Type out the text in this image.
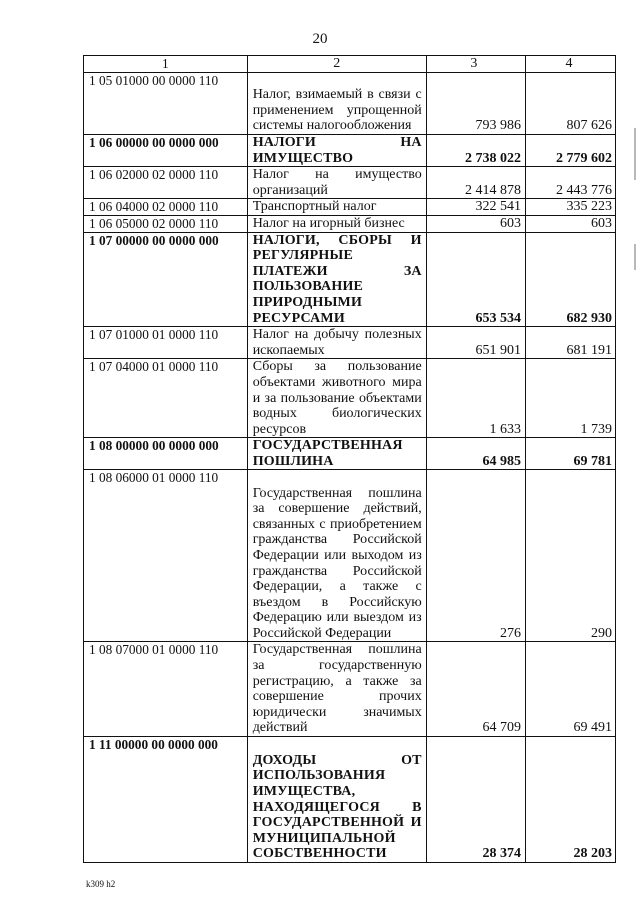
20
1	2	3	4
1 05 01000 00 0000 110	Налог, взимаемый в связи с применением упрощенной системы налогообложения	793 986	807 626
1 06 00000 00 0000 000	НАЛОГИ НА ИМУЩЕСТВО	2 738 022	2 779 602
1 06 02000 02 0000 110	Налог на имущество организаций	2 414 878	2 443 776
1 06 04000 02 0000 110	Транспортный налог	322 541	335 223
1 06 05000 02 0000 110	Налог на игорный бизнес	603	603
1 07 00000 00 0000 000	НАЛОГИ, СБОРЫ И РЕГУЛЯРНЫЕ ПЛАТЕЖИ ЗА ПОЛЬЗОВАНИЕ ПРИРОДНЫМИ РЕСУРСАМИ	653 534	682 930
1 07 01000 01 0000 110	Налог на добычу полезных ископаемых	651 901	681 191
1 07 04000 01 0000 110	Сборы за пользование объектами животного мира и за пользование объектами водных биологических ресурсов	1 633	1 739
1 08 00000 00 0000 000	ГОСУДАРСТВЕННАЯ ПОШЛИНА	64 985	69 781
1 08 06000 01 0000 110	Государственная пошлина за совершение действий, связанных с приобретением гражданства Российской Федерации или выходом из гражданства Российской Федерации, а также с въездом в Российскую Федерацию или выездом из Российской Федерации	276	290
1 08 07000 01 0000 110	Государственная пошлина за государственную регистрацию, а также за совершение прочих юридически значимых действий	64 709	69 491
1 11 00000 00 0000 000	ДОХОДЫ ОТ ИСПОЛЬЗОВАНИЯ ИМУЩЕСТВА, НАХОДЯЩЕГОСЯ В ГОСУДАРСТВЕННОЙ И МУНИЦИПАЛЬНОЙ СОБСТВЕННОСТИ	28 374	28 203
k309 h2
